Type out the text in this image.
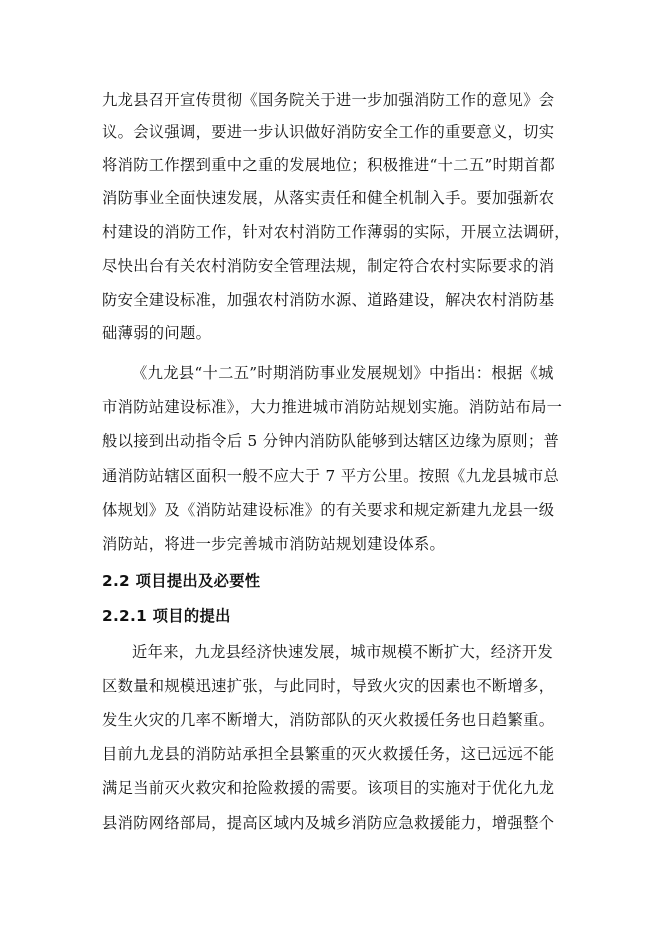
九龙县召开宣传贯彻《国务院关于进一步加强消防工作的意见》会
议。会议强调，要进一步认识做好消防安全工作的重要意义，切实
将消防工作摆到重中之重的发展地位；积极推进“十二五”时期首都
消防事业全面快速发展，从落实责任和健全机制入手。要加强新农
村建设的消防工作，针对农村消防工作薄弱的实际，开展立法调研，
尽快出台有关农村消防安全管理法规，制定符合农村实际要求的消
防安全建设标准，加强农村消防水源、道路建设，解决农村消防基
础薄弱的问题。
《九龙县“十二五”时期消防事业发展规划》中指出：根据《城
市消防站建设标准》，大力推进城市消防站规划实施。消防站布局一
般以接到出动指令后 5 分钟内消防队能够到达辖区边缘为原则；普
通消防站辖区面积一般不应大于 7 平方公里。按照《九龙县城市总
体规划》及《消防站建设标准》的有关要求和规定新建九龙县一级
消防站，将进一步完善城市消防站规划建设体系。
2.2 项目提出及必要性
2.2.1 项目的提出
近年来，九龙县经济快速发展，城市规模不断扩大，经济开发
区数量和规模迅速扩张，与此同时，导致火灾的因素也不断增多，
发生火灾的几率不断增大，消防部队的灭火救援任务也日趋繁重。
目前九龙县的消防站承担全县繁重的灭火救援任务，这已远远不能
满足当前灭火救灾和抢险救援的需要。该项目的实施对于优化九龙
县消防网络部局，提高区域内及城乡消防应急救援能力，增强整个
